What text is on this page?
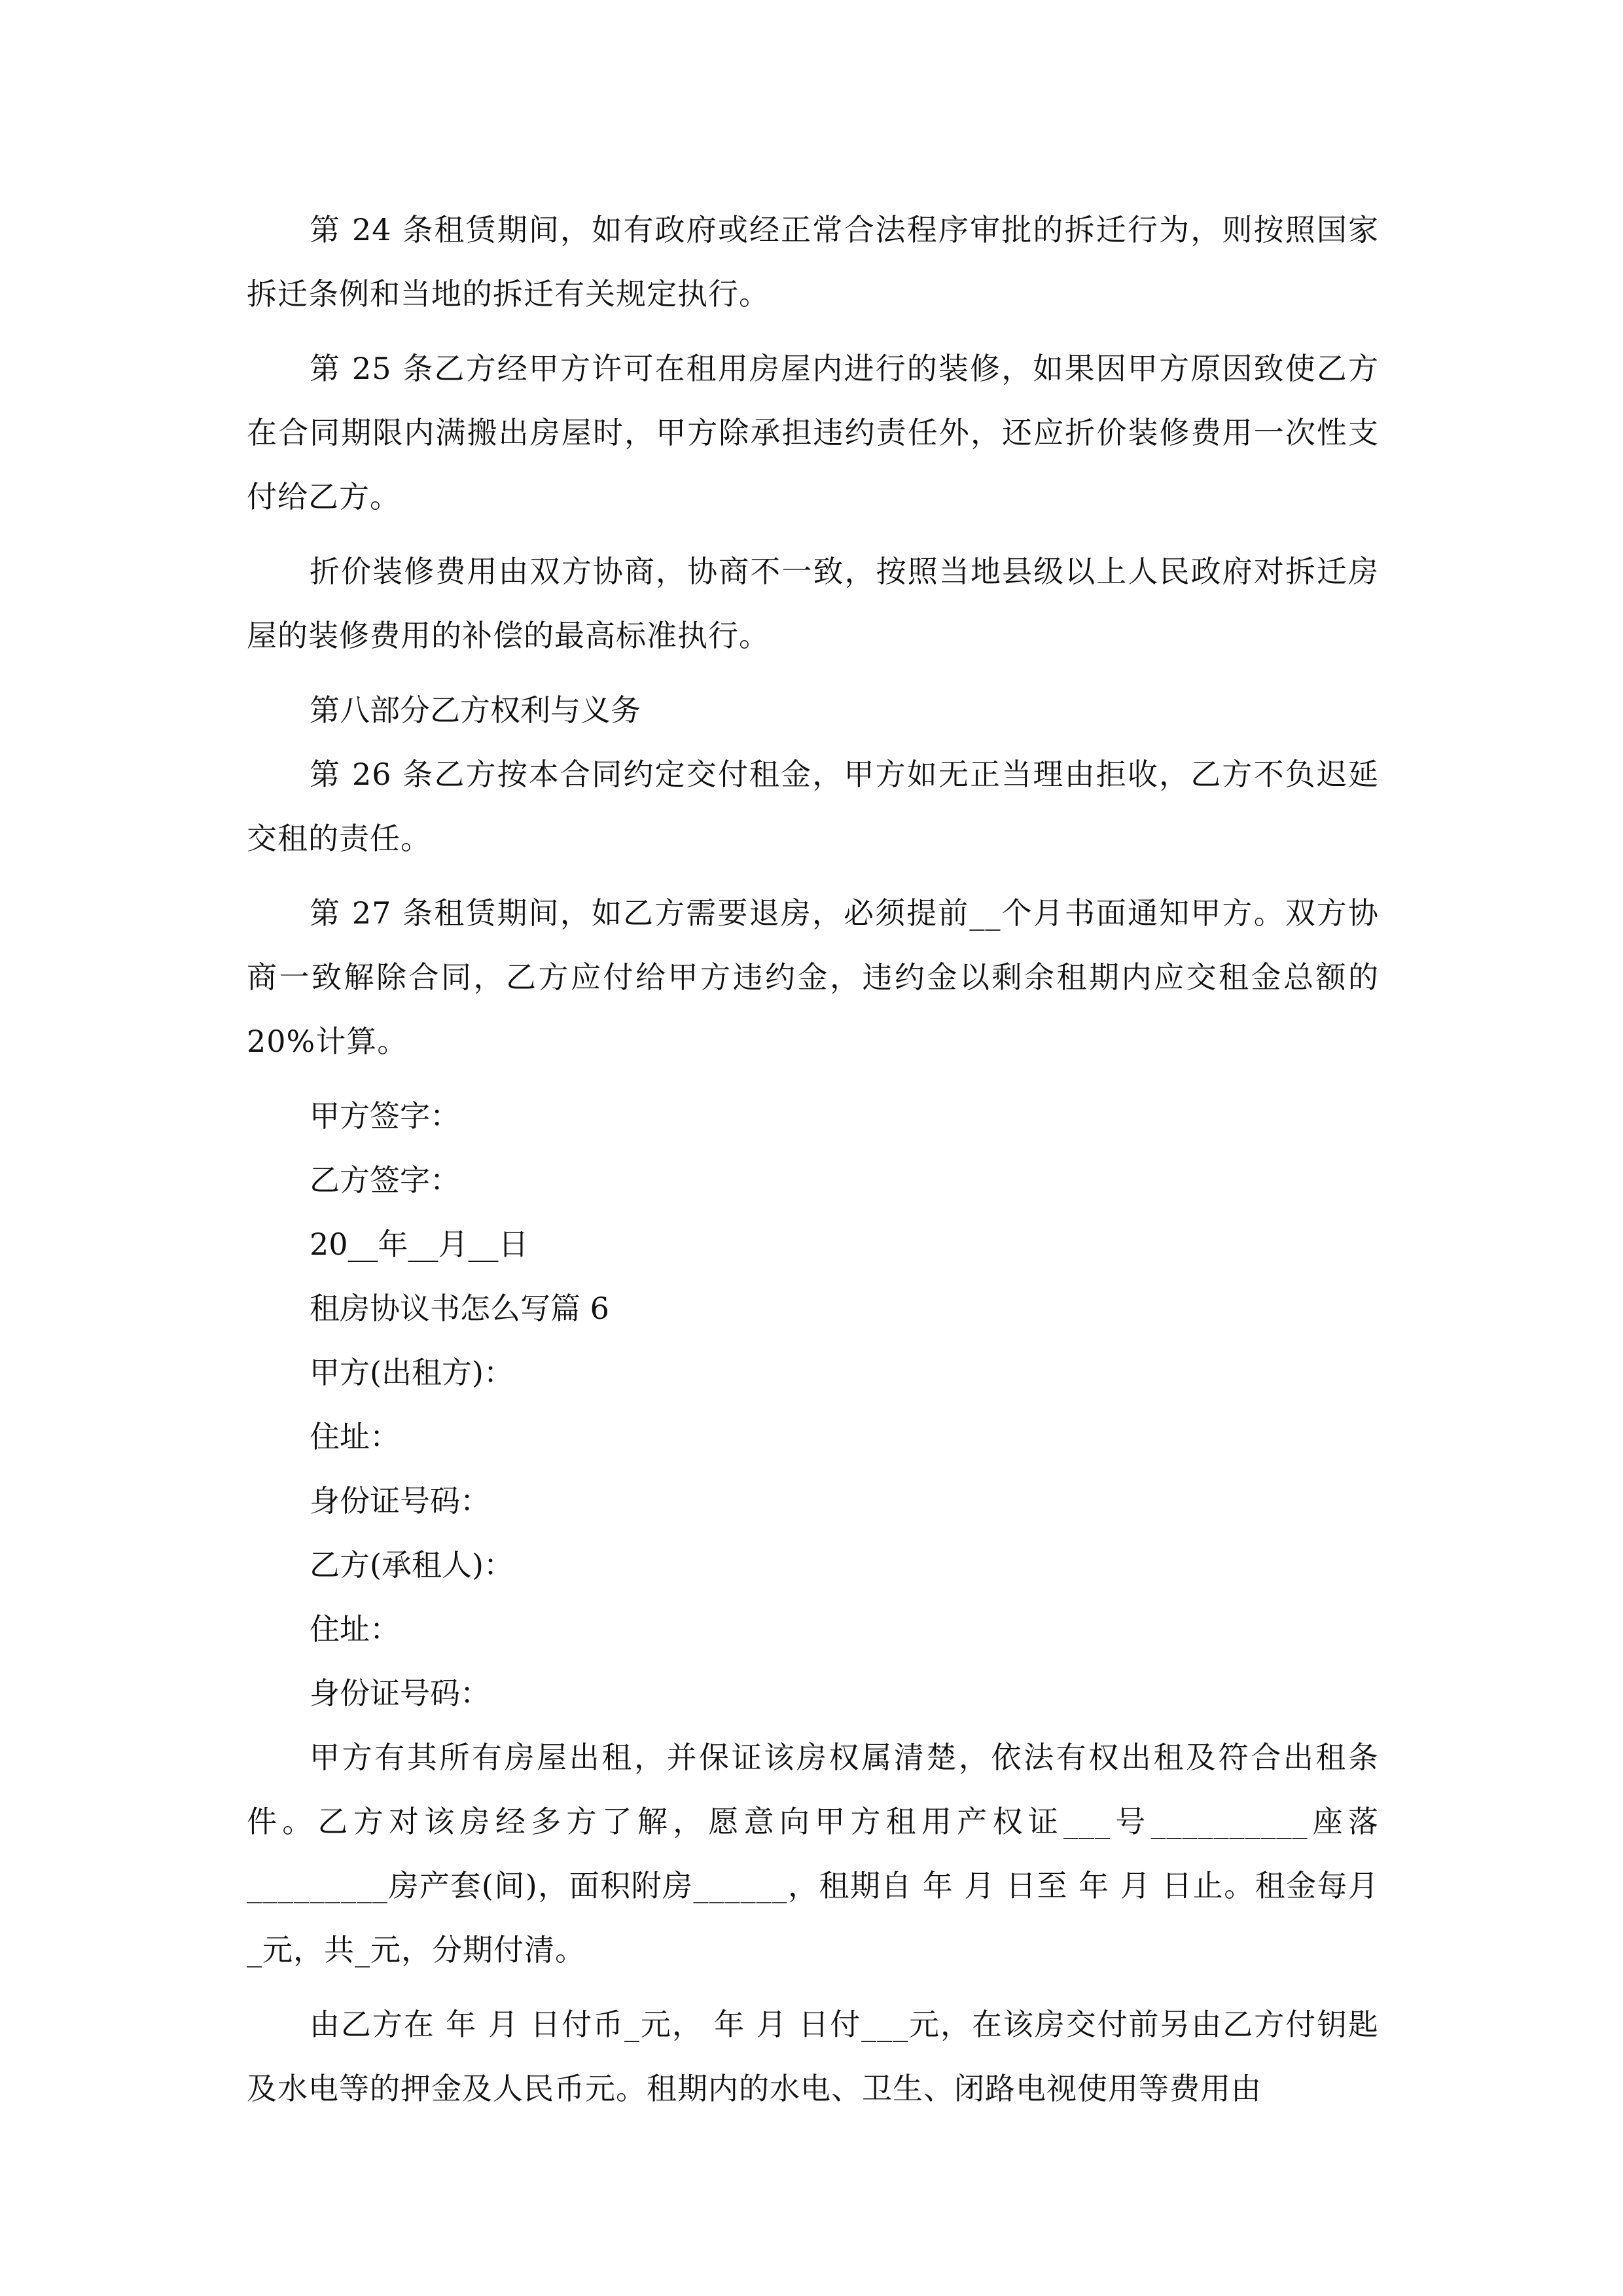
第 24 条租赁期间，如有政府或经正常合法程序审批的拆迁行为，则按照国家拆迁条例和当地的拆迁有关规定执行。

第 25 条乙方经甲方许可在租用房屋内进行的装修，如果因甲方原因致使乙方在合同期限内满搬出房屋时，甲方除承担违约责任外，还应折价装修费用一次性支付给乙方。

折价装修费用由双方协商，协商不一致，按照当地县级以上人民政府对拆迁房屋的装修费用的补偿的最高标准执行。

第八部分乙方权利与义务

第 26 条乙方按本合同约定交付租金，甲方如无正当理由拒收，乙方不负迟延交租的责任。

第 27 条租赁期间，如乙方需要退房，必须提前__个月书面通知甲方。双方协商一致解除合同，乙方应付给甲方违约金，违约金以剩余租期内应交租金总额的 20%计算。

甲方签字：

乙方签字：

20__年__月__日

租房协议书怎么写篇 6

甲方(出租方)：

住址：

身份证号码：

乙方(承租人)：

住址：

身份证号码：

甲方有其所有房屋出租，并保证该房权属清楚，依法有权出租及符合出租条件。乙方对该房经多方了解，愿意向甲方租用产权证___号__________座落_________房产套(间)，面积附房______，租期自 年 月 日至 年 月 日止。租金每月_元，共_元，分期付清。

由乙方在 年 月 日付币_元， 年 月 日付___元，在该房交付前另由乙方付钥匙及水电等的押金及人民币元。租期内的水电、卫生、闭路电视使用等费用由
